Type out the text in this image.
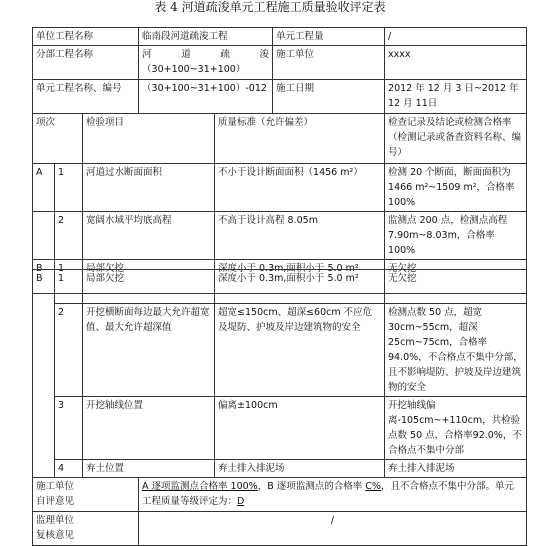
表 4 河道疏浚单元工程施工质量验收评定表
单位工程名称			临南段河道疏浚工程		单元工程量	/
分部工程名称			河　道　疏　浚
（30+100~31+100）		施工单位	xxxx
单元工程名称、编号			（30+100~31+100）-012		施工日期	2012 年 12 月 3 日~2012 年 12 月 11日
项次		检验项目		质量标准（允许偏差）		检查记录及结论或检测合格率（检测记录或备查资料名称、编号）
A	1	河道过水断面面积		不小于设计断面面积（1456 m²）		检测 20 个断面，断面面积为1466 m²~1509 m²，合格率 100%
	2	宽阔水域平均底高程		不高于设计高程 8.05m		监测点 200 点，检测点高程7.90m~8.03m，合格率 100%
B	1	局部欠挖		深度小于 0.3m,面积小于 5.0 m²		无欠挖
B	1	局部欠挖		深度小于 0.3m,面积小于 5.0 m²	无欠挖
	2	开挖横断面每边最大允许超宽值、最大允许超深值		超宽≤150cm、超深≤60cm 不应危及堤防、护坡及岸边建筑物的安全	检测点数 50 点，超宽30cm~55cm，超深 25cm~75cm，合格率 94.0%，不合格点不集中分部，且不影响堤防、护坡及岸边建筑物的安全
	3	开挖轴线位置		偏离±100cm	开挖轴线偏离-105cm~+110cm，共检验点数 50 点，合格率92.0%，不合格点不集中分部
	4	弃土位置		弃土排入排泥场	弃土排入排泥场

施工单位
自评意见			A 逐项监测点合格率 100%，B 逐项监测点的合格率 C%，且不合格点不集中分部。单元工程质量等级评定为：D		

监理单位
复核意见			/		
